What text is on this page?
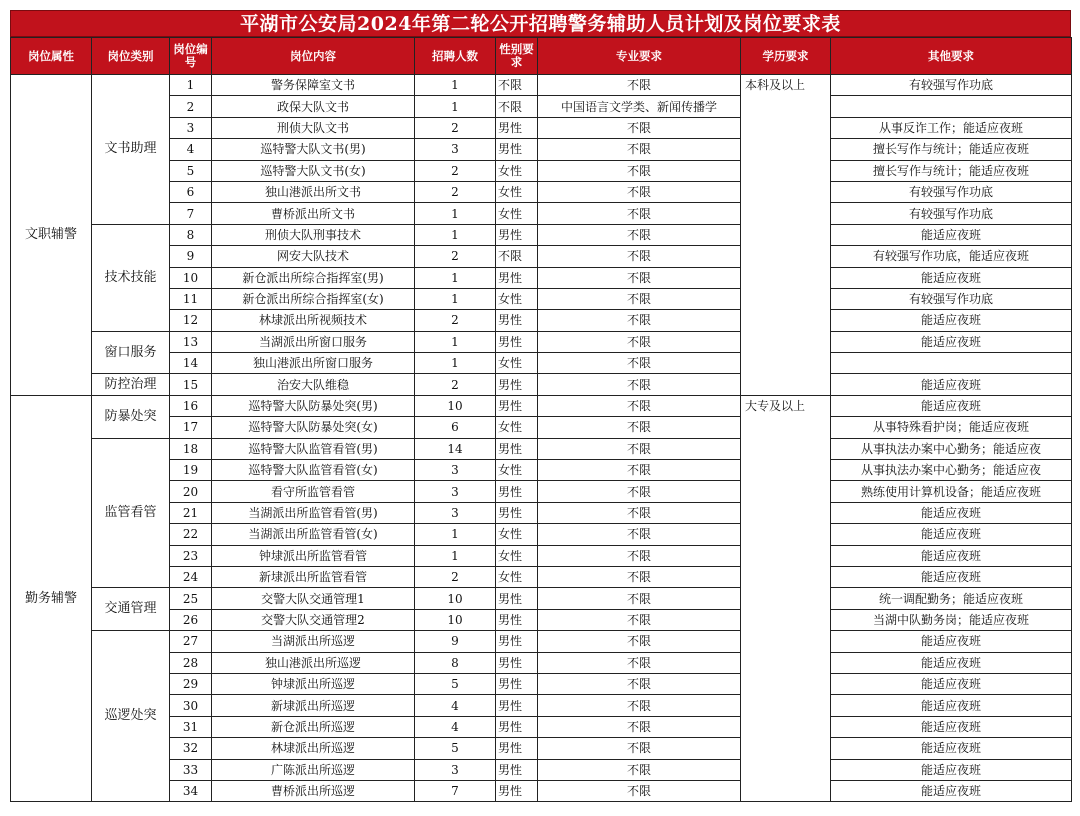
平湖市公安局2024年第二轮公开招聘警务辅助人员计划及岗位要求表
岗位属性	岗位类别	岗位编号	岗位内容	招聘人数	性别要求	专业要求	学历要求	其他要求
文职辅警	文书助理	1	警务保障室文书	1	不限	不限	本科及以上	有较强写作功底
		2	政保大队文书	1	不限	中国语言文学类、新闻传播学		
		3	刑侦大队文书	2	男性	不限		从事反诈工作；能适应夜班
		4	巡特警大队文书(男)	3	男性	不限		擅长写作与统计；能适应夜班
		5	巡特警大队文书(女)	2	女性	不限		擅长写作与统计；能适应夜班
		6	独山港派出所文书	2	女性	不限		有较强写作功底
		7	曹桥派出所文书	1	女性	不限		有较强写作功底
	技术技能	8	刑侦大队刑事技术	1	男性	不限		能适应夜班
		9	网安大队技术	2	不限	不限		有较强写作功底，能适应夜班
		10	新仓派出所综合指挥室(男)	1	男性	不限		能适应夜班
		11	新仓派出所综合指挥室(女)	1	女性	不限		有较强写作功底
		12	林埭派出所视频技术	2	男性	不限		能适应夜班
	窗口服务	13	当湖派出所窗口服务	1	男性	不限		能适应夜班
		14	独山港派出所窗口服务	1	女性	不限		
	防控治理	15	治安大队维稳	2	男性	不限		能适应夜班
勤务辅警	防暴处突	16	巡特警大队防暴处突(男)	10	男性	不限	大专及以上	能适应夜班
		17	巡特警大队防暴处突(女)	6	女性	不限		从事特殊看护岗；能适应夜班
	监管看管	18	巡特警大队监管看管(男)	14	男性	不限		从事执法办案中心勤务；能适应夜
		19	巡特警大队监管看管(女)	3	女性	不限		从事执法办案中心勤务；能适应夜
		20	看守所监管看管	3	男性	不限		熟练使用计算机设备；能适应夜班
		21	当湖派出所监管看管(男)	3	男性	不限		能适应夜班
		22	当湖派出所监管看管(女)	1	女性	不限		能适应夜班
		23	钟埭派出所监管看管	1	女性	不限		能适应夜班
		24	新埭派出所监管看管	2	女性	不限		能适应夜班
	交通管理	25	交警大队交通管理1	10	男性	不限		统一调配勤务；能适应夜班
		26	交警大队交通管理2	10	男性	不限		当湖中队勤务岗；能适应夜班
	巡逻处突	27	当湖派出所巡逻	9	男性	不限		能适应夜班
		28	独山港派出所巡逻	8	男性	不限		能适应夜班
		29	钟埭派出所巡逻	5	男性	不限		能适应夜班
		30	新埭派出所巡逻	4	男性	不限		能适应夜班
		31	新仓派出所巡逻	4	男性	不限		能适应夜班
		32	林埭派出所巡逻	5	男性	不限		能适应夜班
		33	广陈派出所巡逻	3	男性	不限		能适应夜班
		34	曹桥派出所巡逻	7	男性	不限		能适应夜班
